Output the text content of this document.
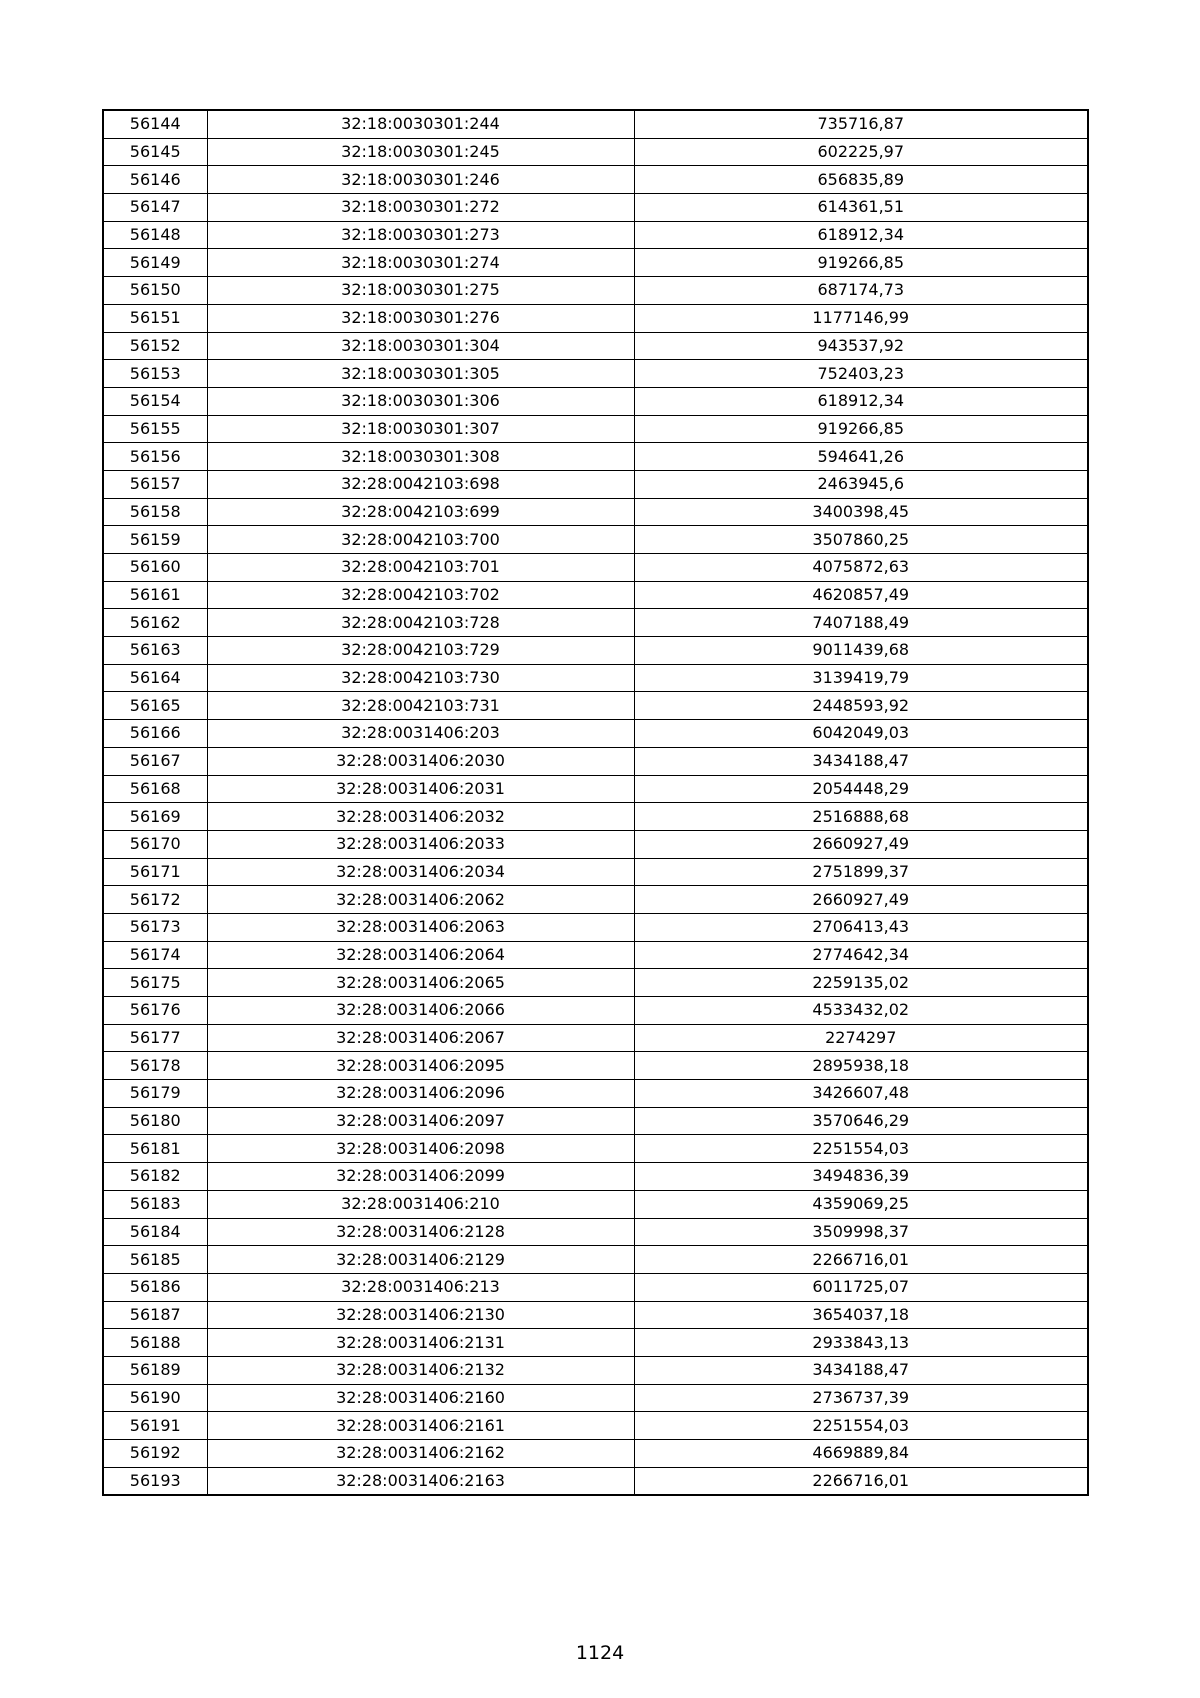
56144	32:18:0030301:244	735716,87
56145	32:18:0030301:245	602225,97
56146	32:18:0030301:246	656835,89
56147	32:18:0030301:272	614361,51
56148	32:18:0030301:273	618912,34
56149	32:18:0030301:274	919266,85
56150	32:18:0030301:275	687174,73
56151	32:18:0030301:276	1177146,99
56152	32:18:0030301:304	943537,92
56153	32:18:0030301:305	752403,23
56154	32:18:0030301:306	618912,34
56155	32:18:0030301:307	919266,85
56156	32:18:0030301:308	594641,26
56157	32:28:0042103:698	2463945,6
56158	32:28:0042103:699	3400398,45
56159	32:28:0042103:700	3507860,25
56160	32:28:0042103:701	4075872,63
56161	32:28:0042103:702	4620857,49
56162	32:28:0042103:728	7407188,49
56163	32:28:0042103:729	9011439,68
56164	32:28:0042103:730	3139419,79
56165	32:28:0042103:731	2448593,92
56166	32:28:0031406:203	6042049,03
56167	32:28:0031406:2030	3434188,47
56168	32:28:0031406:2031	2054448,29
56169	32:28:0031406:2032	2516888,68
56170	32:28:0031406:2033	2660927,49
56171	32:28:0031406:2034	2751899,37
56172	32:28:0031406:2062	2660927,49
56173	32:28:0031406:2063	2706413,43
56174	32:28:0031406:2064	2774642,34
56175	32:28:0031406:2065	2259135,02
56176	32:28:0031406:2066	4533432,02
56177	32:28:0031406:2067	2274297
56178	32:28:0031406:2095	2895938,18
56179	32:28:0031406:2096	3426607,48
56180	32:28:0031406:2097	3570646,29
56181	32:28:0031406:2098	2251554,03
56182	32:28:0031406:2099	3494836,39
56183	32:28:0031406:210	4359069,25
56184	32:28:0031406:2128	3509998,37
56185	32:28:0031406:2129	2266716,01
56186	32:28:0031406:213	6011725,07
56187	32:28:0031406:2130	3654037,18
56188	32:28:0031406:2131	2933843,13
56189	32:28:0031406:2132	3434188,47
56190	32:28:0031406:2160	2736737,39
56191	32:28:0031406:2161	2251554,03
56192	32:28:0031406:2162	4669889,84
56193	32:28:0031406:2163	2266716,01
1124
